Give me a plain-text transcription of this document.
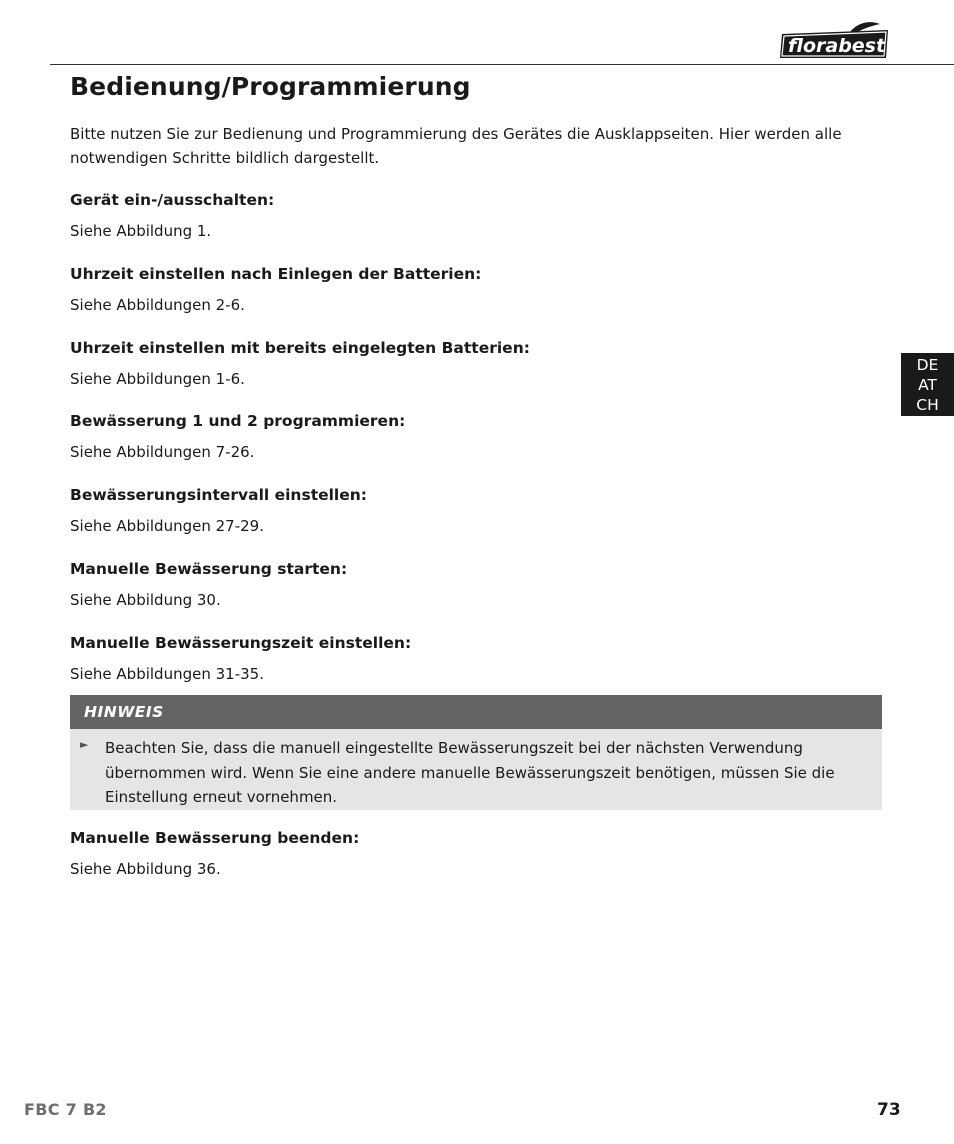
florabest
Bedienung/Programmierung

Bitte nutzen Sie zur Bedienung und Programmierung des Gerätes die Ausklappseiten. Hier werden alle notwendigen Schritte bildlich dargestellt.

Gerät ein-/ausschalten:

Siehe Abbildung 1.

Uhrzeit einstellen nach Einlegen der Batterien:

Siehe Abbildungen 2-6.

Uhrzeit einstellen mit bereits eingelegten Batterien:

Siehe Abbildungen 1-6.

Bewässerung 1 und 2 programmieren:

Siehe Abbildungen 7-26.

Bewässerungsintervall einstellen:

Siehe Abbildungen 27-29.

Manuelle Bewässerung starten:

Siehe Abbildung 30.

Manuelle Bewässerungszeit einstellen:

Siehe Abbildungen 31-35.

HINWEIS
► Beachten Sie, dass die manuell eingestellte Bewässerungszeit bei der nächsten Verwendung übernommen wird. Wenn Sie eine andere manuelle Bewässerungszeit benötigen, müssen Sie die Einstellung erneut vornehmen.

Manuelle Bewässerung beenden:

Siehe Abbildung 36.

DE
AT
CH
FBC 7 B2	73
